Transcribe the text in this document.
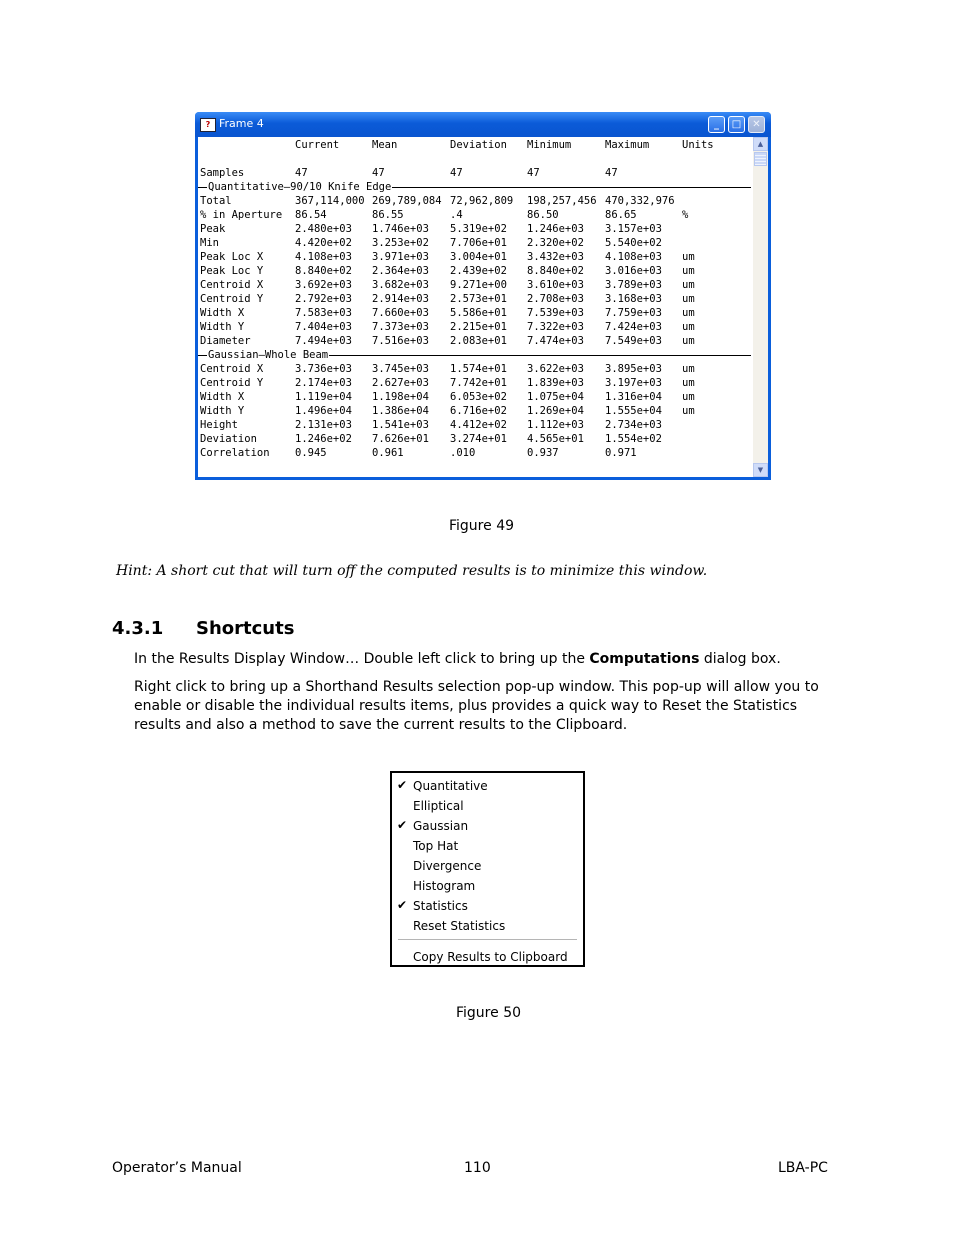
? Frame 4	_	□	✕
Current	Mean	Deviation Minimum	Maximum	Units
Samples	47	47	47	47	47
Quantitative—90/10 Knife Edge
Total	367,114,000 269,789,084 72,962,809 198,257,456 470,332,976
% in Aperture 86.54	86.55	.4	86.50	86.65	%
Peak	2.480e+03 1.746e+03 5.319e+02 1.246e+03 3.157e+03
Min	4.420e+02 3.253e+02 7.706e+01 2.320e+02 5.540e+02
Peak Loc X	4.108e+03 3.971e+03 3.004e+01 3.432e+03 4.108e+03 um
Peak Loc Y	8.840e+02 2.364e+03 2.439e+02 8.840e+02 3.016e+03 um
Centroid X	3.692e+03 3.682e+03 9.271e+00 3.610e+03 3.789e+03 um
Centroid Y	2.792e+03 2.914e+03 2.573e+01 2.708e+03 3.168e+03 um
Width X	7.583e+03 7.660e+03 5.586e+01 7.539e+03 7.759e+03 um
Width Y	7.404e+03 7.373e+03 2.215e+01 7.322e+03 7.424e+03 um
Diameter	7.494e+03 7.516e+03 2.083e+01 7.474e+03 7.549e+03 um
Gaussian—Whole Beam
Centroid X	3.736e+03 3.745e+03 1.574e+01 3.622e+03 3.895e+03 um
Centroid Y	2.174e+03 2.627e+03 7.742e+01 1.839e+03 3.197e+03 um
Width X	1.119e+04 1.198e+04 6.053e+02 1.075e+04 1.316e+04 um
Width Y	1.496e+04 1.386e+04 6.716e+02 1.269e+04 1.555e+04 um
Height	2.131e+03 1.541e+03 4.412e+02 1.112e+03 2.734e+03
Deviation	1.246e+02 7.626e+01 3.274e+01 4.565e+01 1.554e+02
Correlation 0.945	0.961	.010	0.937	0.971
▲
▼
Figure 49
Hint: A short cut that will turn off the computed results is to minimize this window.
4.3.1 Shortcuts
In the Results Display Window… Double left click to bring up the Computations dialog box.
Right click to bring up a Shorthand Results selection pop-up window. This pop-up will allow you to enable or disable the individual results items, plus provides a quick way to Reset the Statistics results and also a method to save the current results to the Clipboard.
✔ Quantitative
Elliptical
✔ Gaussian
Top Hat
Divergence
Histogram
✔ Statistics
Reset Statistics
Copy Results to Clipboard
Figure 50
Operator’s Manual	110	LBA-PC
